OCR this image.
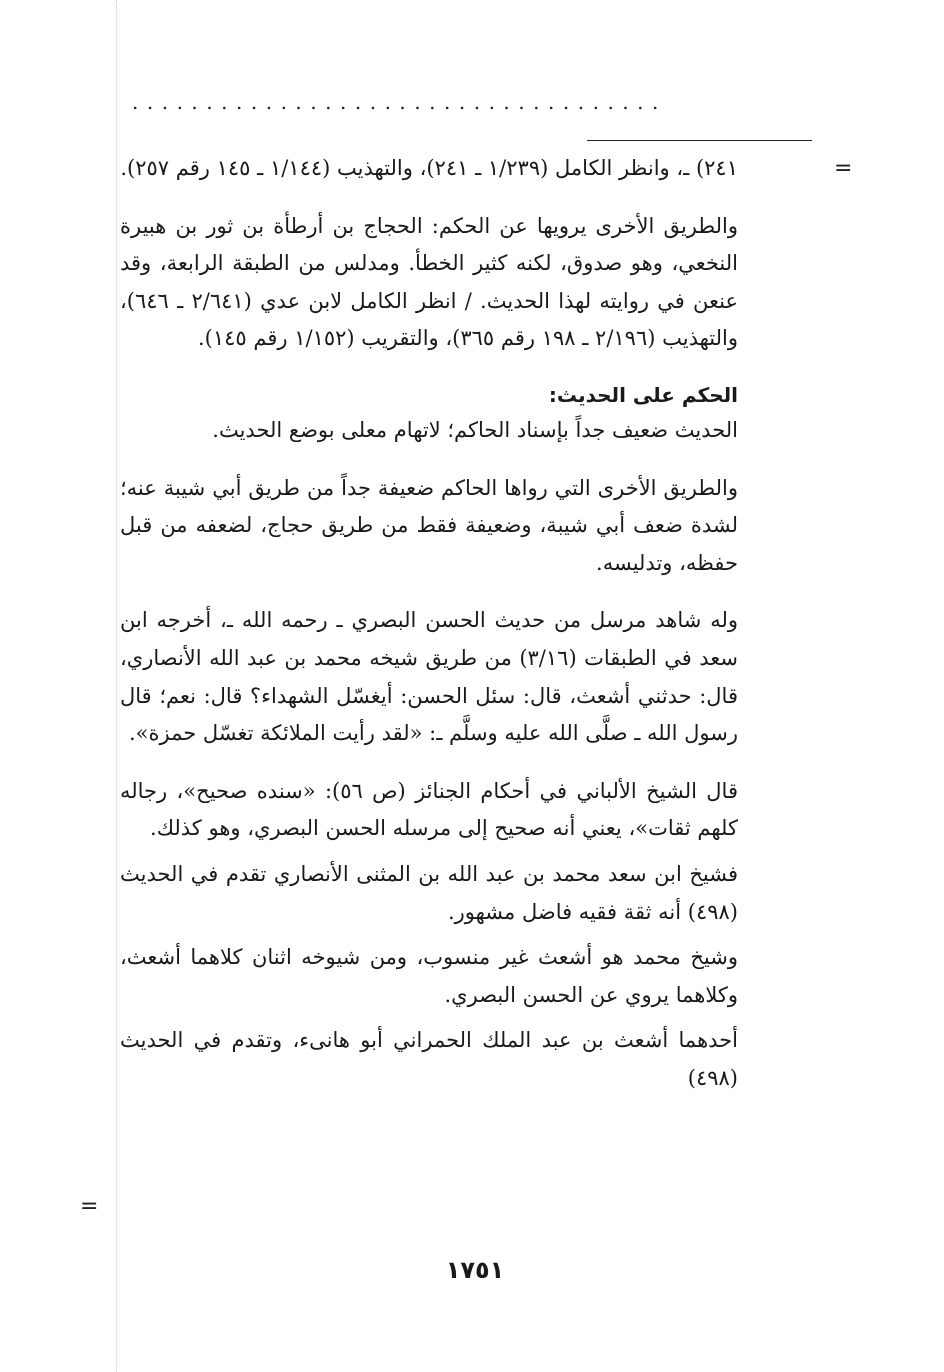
....................................
=
=

٢٤١) ـ، وانظر الكامل (١/٢٣٩ ـ ٢٤١)، والتهذيب (١/١٤٤ ـ ١٤٥ رقم ٢٥٧).

والطريق الأخرى يرويها عن الحكم: الحجاج بن أرطأة بن ثور بن هبيرة النخعي، وهو صدوق، لكنه كثير الخطأ. ومدلس من الطبقة الرابعة، وقد عنعن في روايته لهذا الحديث. / انظر الكامل لابن عدي (٢/٦٤١ ـ ٦٤٦)، والتهذيب (٢/١٩٦ ـ ١٩٨ رقم ٣٦٥)، والتقريب (١/١٥٢ رقم ١٤٥).

الحكم على الحديث:

الحديث ضعيف جداً بإسناد الحاكم؛ لاتهام معلى بوضع الحديث.

والطريق الأخرى التي رواها الحاكم ضعيفة جداً من طريق أبي شيبة عنه؛ لشدة ضعف أبي شيبة، وضعيفة فقط من طريق حجاج، لضعفه من قبل حفظه، وتدليسه.

وله شاهد مرسل من حديث الحسن البصري ـ رحمه الله ـ، أخرجه ابن سعد في الطبقات (٣/١٦) من طريق شيخه محمد بن عبد الله الأنصاري، قال: حدثني أشعث، قال: سئل الحسن: أيغسّل الشهداء؟ قال: نعم؛ قال رسول الله ـ صلَّى الله عليه وسلَّم ـ: «لقد رأيت الملائكة تغسّل حمزة».

قال الشيخ الألباني في أحكام الجنائز (ص ٥٦): «سنده صحيح»، رجاله كلهم ثقات»، يعني أنه صحيح إلى مرسله الحسن البصري، وهو كذلك.

فشيخ ابن سعد محمد بن عبد الله بن المثنى الأنصاري تقدم في الحديث (٤٩٨) أنه ثقة فقيه فاضل مشهور.

وشيخ محمد هو أشعث غير منسوب، ومن شيوخه اثنان كلاهما أشعث، وكلاهما يروي عن الحسن البصري.

أحدهما أشعث بن عبد الملك الحمراني أبو هانىء، وتقدم في الحديث (٤٩٨)

١٧٥١
